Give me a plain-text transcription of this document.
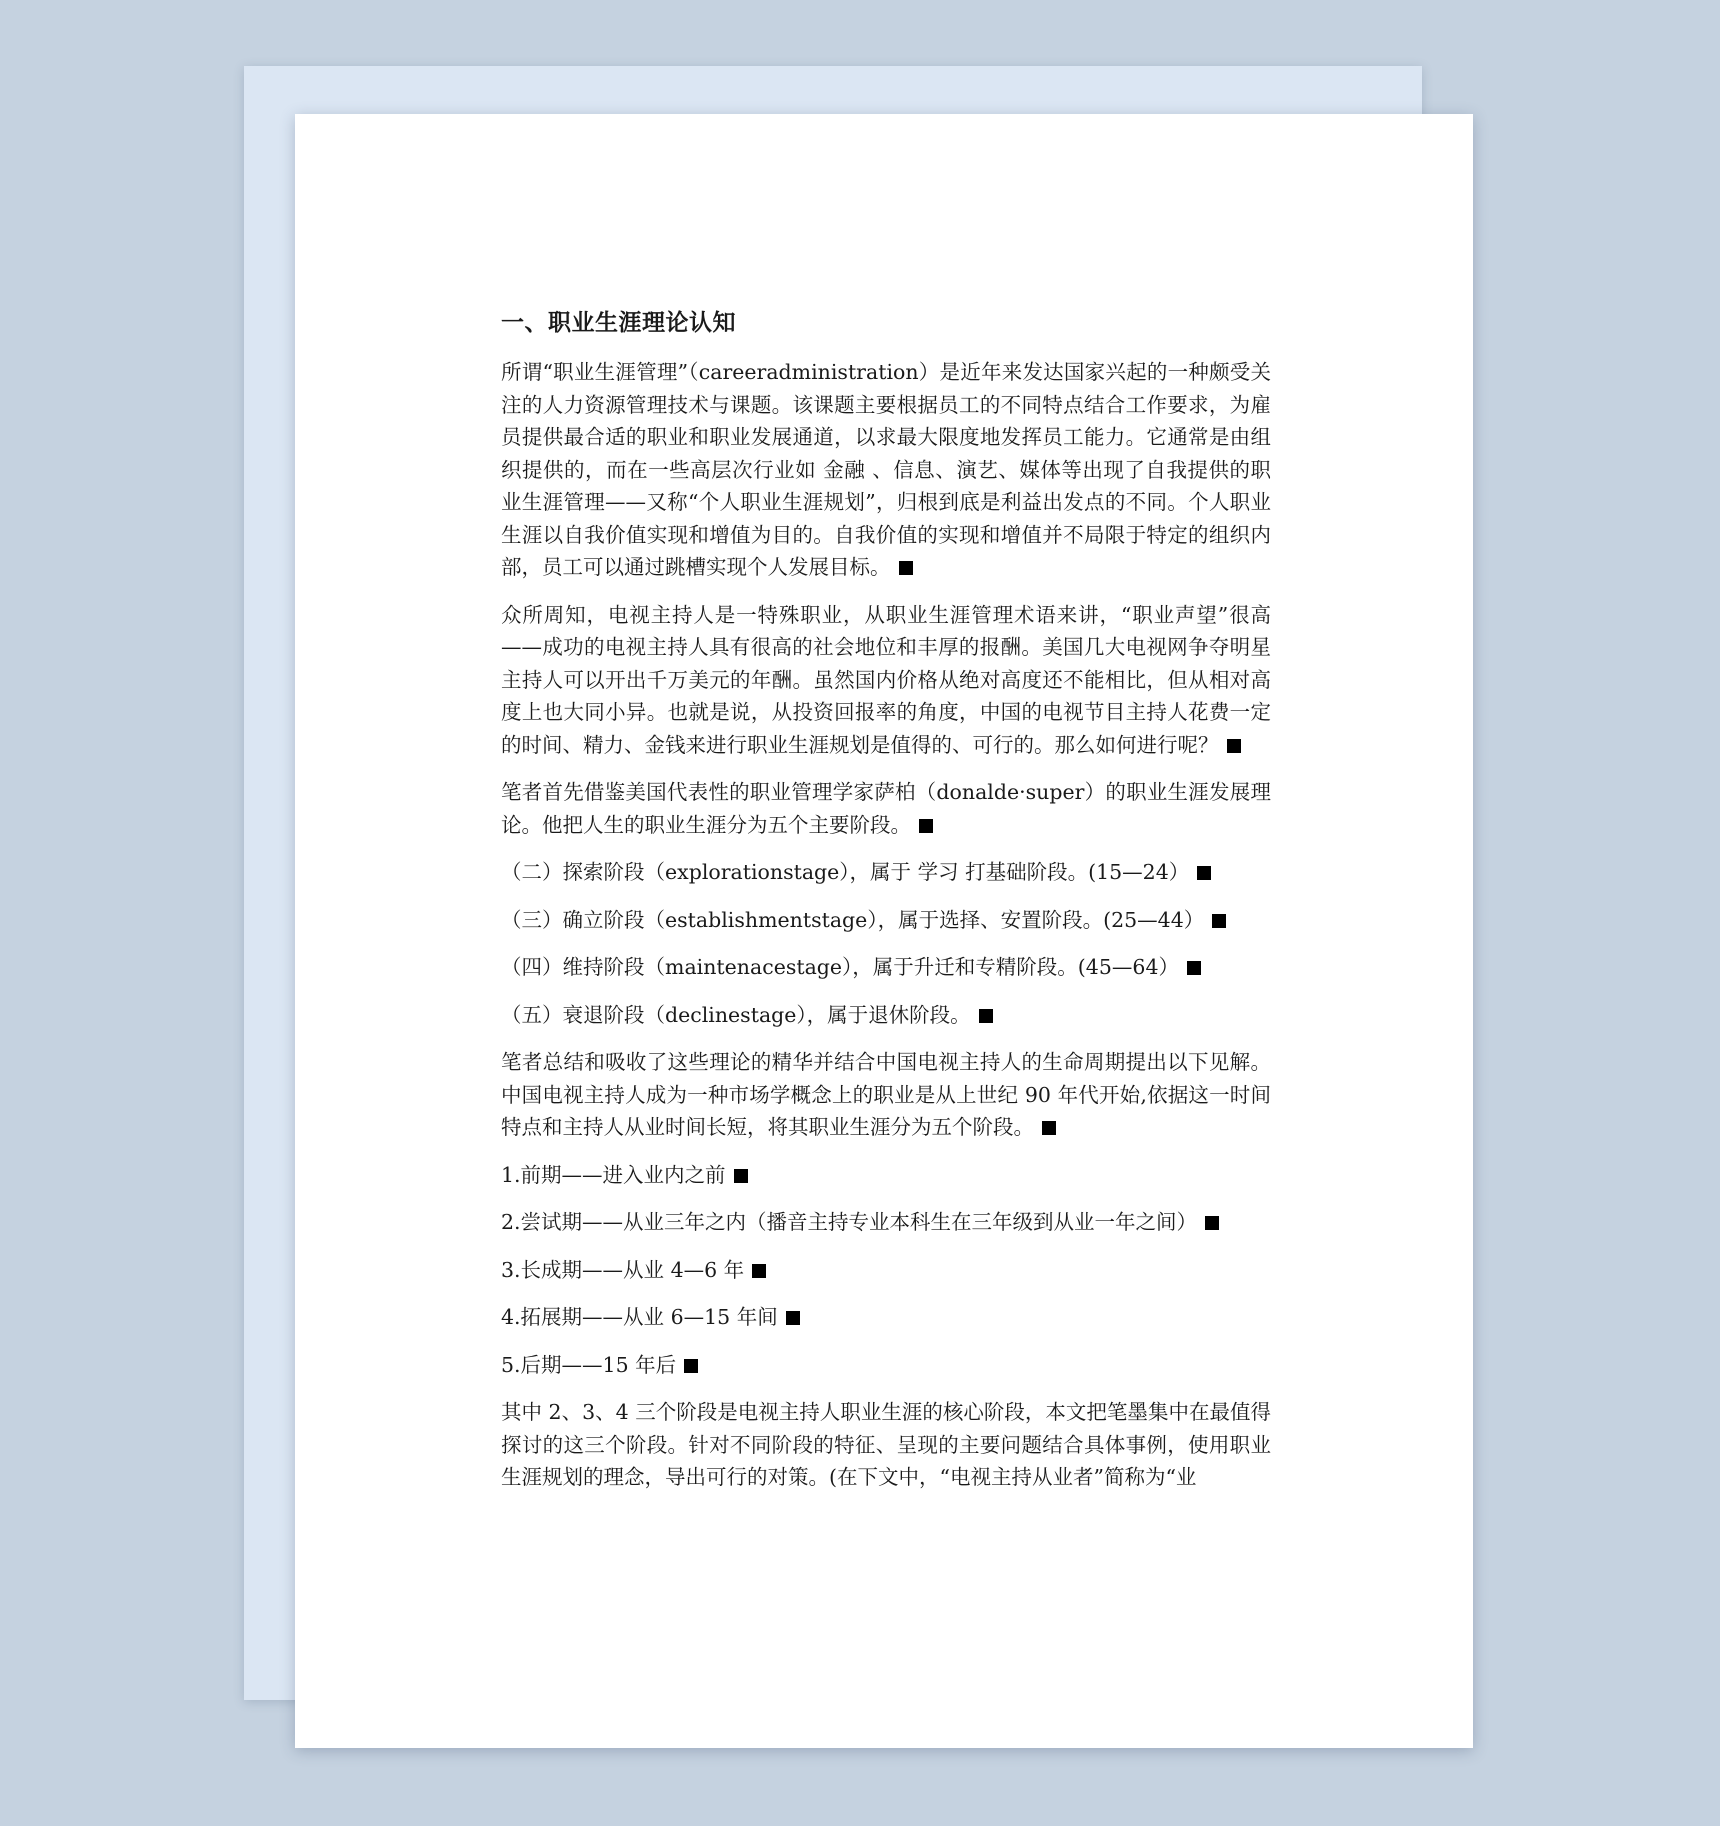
一、职业生涯理论认知

所谓“职业生涯管理”（careeradministration）是近年来发达国家兴起的一种颇受关注的人力资源管理技术与课题。该课题主要根据员工的不同特点结合工作要求，为雇员提供最合适的职业和职业发展通道，以求最大限度地发挥员工能力。它通常是由组织提供的，而在一些高层次行业如 金融 、信息、演艺、媒体等出现了自我提供的职业生涯管理——又称“个人职业生涯规划”，归根到底是利益出发点的不同。个人职业生涯以自我价值实现和增值为目的。自我价值的实现和增值并不局限于特定的组织内部，员工可以通过跳槽实现个人发展目标。

众所周知，电视主持人是一特殊职业，从职业生涯管理术语来讲，“职业声望”很高——成功的电视主持人具有很高的社会地位和丰厚的报酬。美国几大电视网争夺明星主持人可以开出千万美元的年酬。虽然国内价格从绝对高度还不能相比，但从相对高度上也大同小异。也就是说，从投资回报率的角度，中国的电视节目主持人花费一定的时间、精力、金钱来进行职业生涯规划是值得的、可行的。那么如何进行呢？

笔者首先借鉴美国代表性的职业管理学家萨柏（donalde·super）的职业生涯发展理论。他把人生的职业生涯分为五个主要阶段。

（二）探索阶段（explorationstage），属于 学习 打基础阶段。(15—24）

（三）确立阶段（establishmentstage），属于选择、安置阶段。(25—44）

（四）维持阶段（maintenacestage），属于升迁和专精阶段。(45—64）

（五）衰退阶段（declinestage），属于退休阶段。

笔者总结和吸收了这些理论的精华并结合中国电视主持人的生命周期提出以下见解。中国电视主持人成为一种市场学概念上的职业是从上世纪 90 年代开始,依据这一时间特点和主持人从业时间长短，将其职业生涯分为五个阶段。

1.前期——进入业内之前

2.尝试期——从业三年之内（播音主持专业本科生在三年级到从业一年之间）

3.长成期——从业 4—6 年

4.拓展期——从业 6—15 年间

5.后期——15 年后

其中 2、3、4 三个阶段是电视主持人职业生涯的核心阶段，本文把笔墨集中在最值得探讨的这三个阶段。针对不同阶段的特征、呈现的主要问题结合具体事例，使用职业生涯规划的理念，导出可行的对策。(在下文中，“电视主持从业者”简称为“业
